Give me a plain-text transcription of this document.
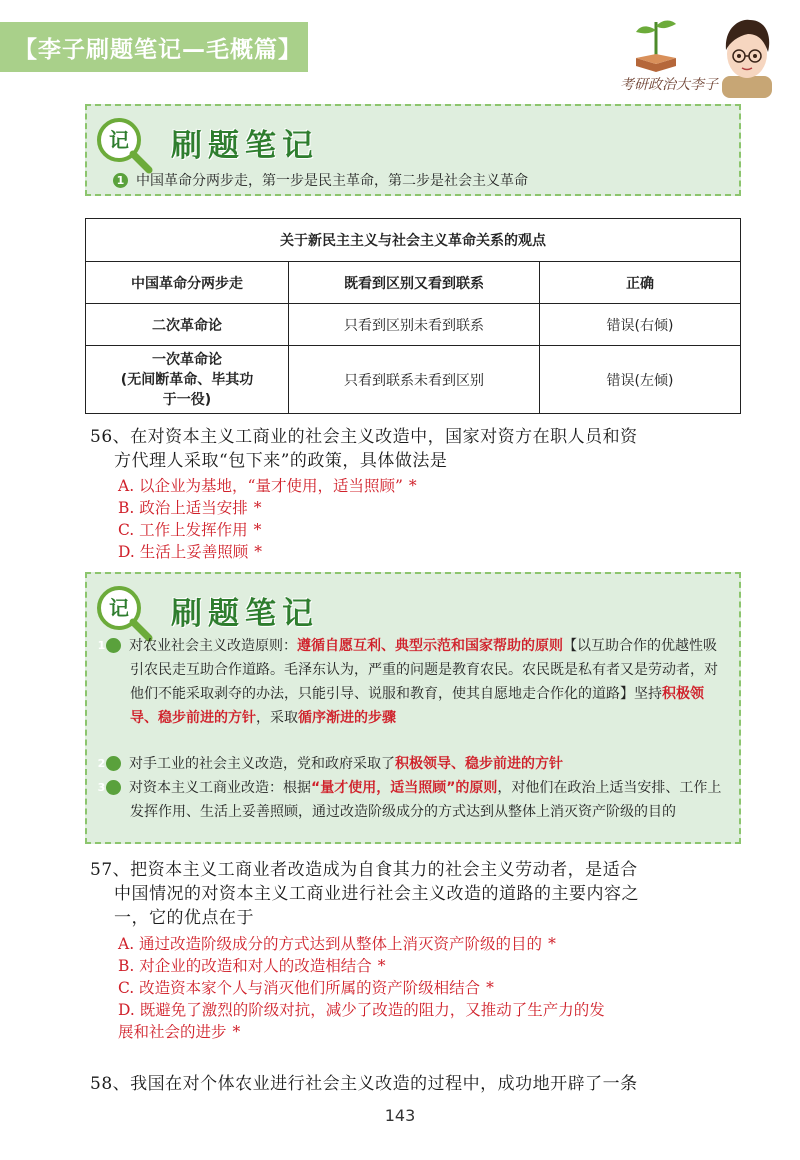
【李子刷题笔记—毛概篇】
考研政治大李子
记 刷题笔记
1 中国革命分两步走，第一步是民主革命，第二步是社会主义革命
关于新民主主义与社会主义革命关系的观点		
中国革命分两步走	既看到区别又看到联系	正确
二次革命论	只看到区别未看到联系	错误(右倾)
一次革命论
(无间断革命、毕其功
于一役)	只看到联系未看到区别	错误(左倾)
56、在对资本主义工商业的社会主义改造中，国家对资方在职人员和资
方代理人采取“包下来”的政策，具体做法是
A. 以企业为基地，“量才使用，适当照顾” *
B. 政治上适当安排 *
C. 工作上发挥作用 *
D. 生活上妥善照顾 *
记 刷题笔记
1 对农业社会主义改造原则：遵循自愿互利、典型示范和国家帮助的原则【以互助合作的优越性吸引农民走互助合作道路。毛泽东认为，严重的问题是教育农民。农民既是私有者又是劳动者，对他们不能采取剥夺的办法，只能引导、说服和教育，使其自愿地走合作化的道路】坚持积极领导、稳步前进的方针，采取循序渐进的步骤
2 对手工业的社会主义改造，党和政府采取了积极领导、稳步前进的方针
3 对资本主义工商业改造：根据“量才使用，适当照顾”的原则，对他们在政治上适当安排、工作上发挥作用、生活上妥善照顾，通过改造阶级成分的方式达到从整体上消灭资产阶级的目的
57、把资本主义工商业者改造成为自食其力的社会主义劳动者，是适合
中国情况的对资本主义工商业进行社会主义改造的道路的主要内容之
一，它的优点在于
A. 通过改造阶级成分的方式达到从整体上消灭资产阶级的目的 *
B. 对企业的改造和对人的改造相结合 *
C. 改造资本家个人与消灭他们所属的资产阶级相结合 *
D. 既避免了激烈的阶级对抗，减少了改造的阻力，又推动了生产力的发
展和社会的进步 *
58、我国在对个体农业进行社会主义改造的过程中，成功地开辟了一条
143
